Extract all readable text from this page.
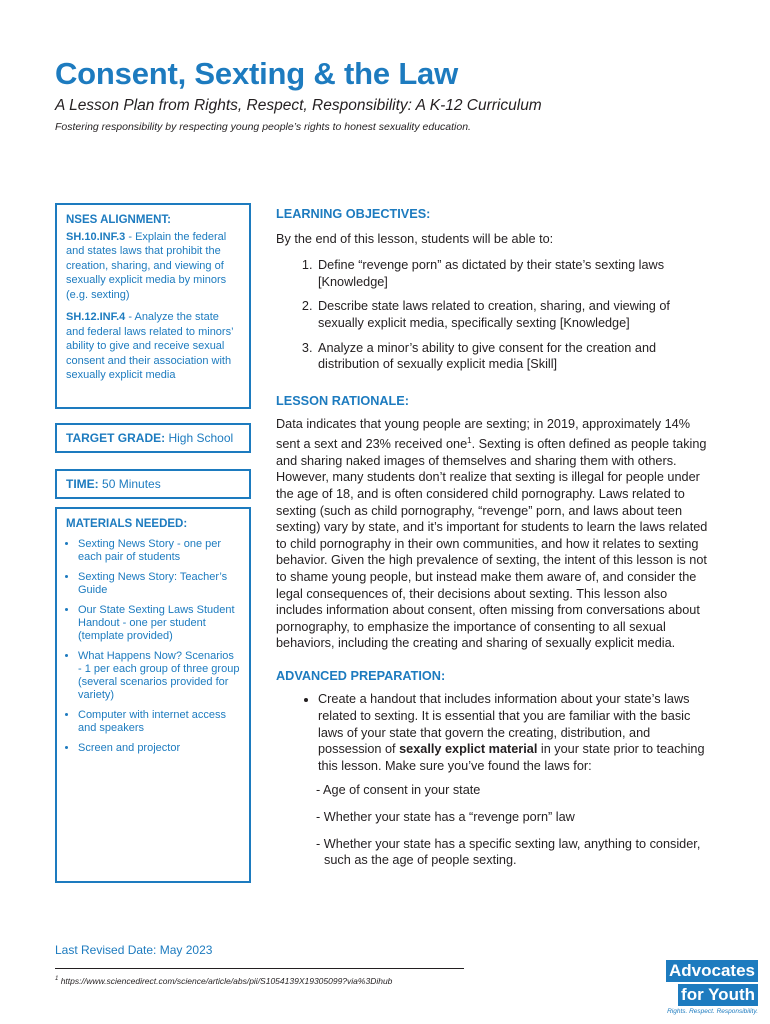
Consent, Sexting & the Law
A Lesson Plan from Rights, Respect, Responsibility: A K-12 Curriculum
Fostering responsibility by respecting young people’s rights to honest sexuality education.
NSES ALIGNMENT:
SH.10.INF.3 - Explain the federal and states laws that prohibit the creation, sharing, and viewing of sexually explicit media by minors (e.g. sexting)
SH.12.INF.4 - Analyze the state and federal laws related to minors’ ability to give and receive sexual consent and their association with sexually explicit media
TARGET GRADE: High School
TIME: 50 Minutes
MATERIALS NEEDED:
• Sexting News Story - one per each pair of students
• Sexting News Story: Teacher’s Guide
• Our State Sexting Laws Student Handout - one per student (template provided)
• What Happens Now? Scenarios - 1 per each group of three group (several scenarios provided for variety)
• Computer with internet access and speakers
• Screen and projector
LEARNING OBJECTIVES:

By the end of this lesson, students will be able to:

1. Define “revenge porn” as dictated by their state’s sexting laws [Knowledge]
2. Describe state laws related to creation, sharing, and viewing of sexually explicit media, specifically sexting [Knowledge]
3. Analyze a minor’s ability to give consent for the creation and distribution of sexually explicit media [Skill]
LESSON RATIONALE:

Data indicates that young people are sexting; in 2019, approximately 14% sent a sext and 23% received one$^1$. Sexting is often defined as people taking and sharing naked images of themselves and sharing them with others. However, many students don’t realize that sexting is illegal for people under the age of 18, and is often considered child pornography. Laws related to sexting (such as child pornography, “revenge” porn, and laws about teen sexting) vary by state, and it’s important for students to learn the laws related to child pornography in their own communities, and how it relates to sexting behavior. Given the high prevalence of sexting, the intent of this lesson is not to shame young people, but instead make them aware of, and consider the legal consequences of, their decisions about sexting. This lesson also includes information about consent, often missing from conversations about pornography, to emphasize the importance of consenting to all sexual behaviors, including the creating and sharing of sexually explicit media.

ADVANCED PREPARATION:
• Create a handout that includes information about your state’s laws related to sexting. It is essential that you are familiar with the basic laws of your state that govern the creating, distribution, and possession of sexally explict material in your state prior to teaching this lesson. Make sure you’ve found the laws for:
- Age of consent in your state
- Whether your state has a “revenge porn” law
- Whether your state has a specific sexting law, anything to consider, such as the age of people sexting.
Last Revised Date: May 2023
$^1$ https://www.sciencedirect.com/science/article/abs/pii/S1054139X19305099?via%3Dihub
Advocates
for Youth
Rights. Respect. Responsibility.
